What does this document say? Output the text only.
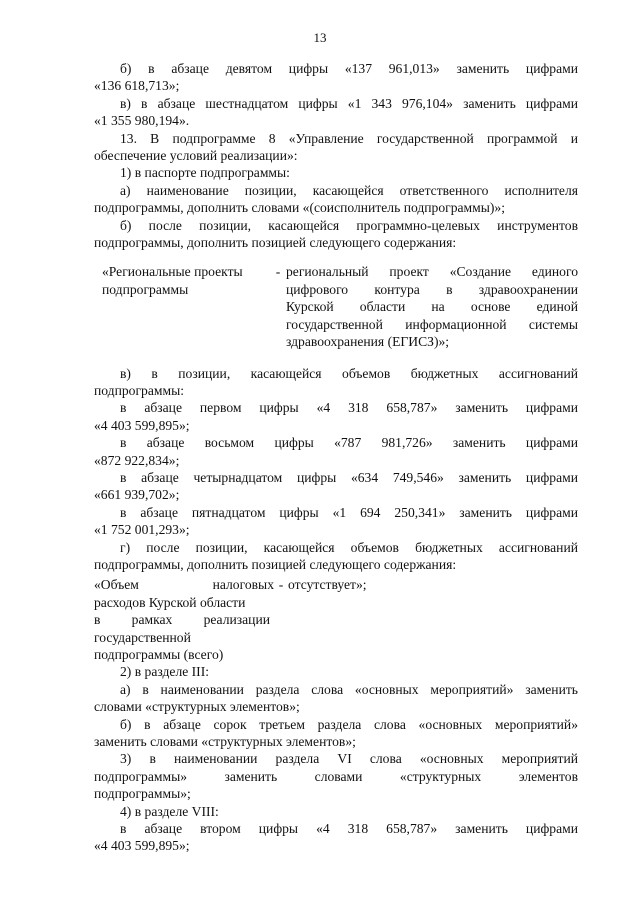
13
б) в абзаце девятом цифры «137 961,013» заменить цифрами
«136 618,713»;
в) в абзаце шестнадцатом цифры «1 343 976,104» заменить цифрами
«1 355 980,194».
13. В подпрограмме 8 «Управление государственной программой и
обеспечение условий реализации»:
1) в паспорте подпрограммы:
а) наименование позиции, касающейся ответственного исполнителя
подпрограммы, дополнить словами «(соисполнитель подпрограммы)»;
б) после позиции, касающейся программно-целевых инструментов
подпрограммы, дополнить позицией следующего содержания:
«Региональные проекты
подпрограммы
- региональный проект «Создание единого
цифрового контура в здравоохранении
Курской области на основе единой
государственной информационной системы
здравоохранения (ЕГИСЗ)»;
в) в позиции, касающейся объемов бюджетных ассигнований
подпрограммы:
в абзаце первом цифры «4 318 658,787» заменить цифрами
«4 403 599,895»;
в абзаце восьмом цифры «787 981,726» заменить цифрами
«872 922,834»;
в абзаце четырнадцатом цифры «634 749,546» заменить цифрами
«661 939,702»;
в абзаце пятнадцатом цифры «1 694 250,341» заменить цифрами
«1 752 001,293»;
г) после позиции, касающейся объемов бюджетных ассигнований
подпрограммы, дополнить позицией следующего содержания:
«Объем	налоговых - отсутствует»;
расходов Курской области
в рамках реализации
государственной
подпрограммы (всего)
2) в разделе III:
а) в наименовании раздела слова «основных мероприятий» заменить
словами «структурных элементов»;
б) в абзаце сорок третьем раздела слова «основных мероприятий»
заменить словами «структурных элементов»;
3) в наименовании раздела VI слова «основных мероприятий
подпрограммы» заменить словами «структурных элементов
подпрограммы»;
4) в разделе VIII:
в абзаце втором цифры «4 318 658,787» заменить цифрами
«4 403 599,895»;
